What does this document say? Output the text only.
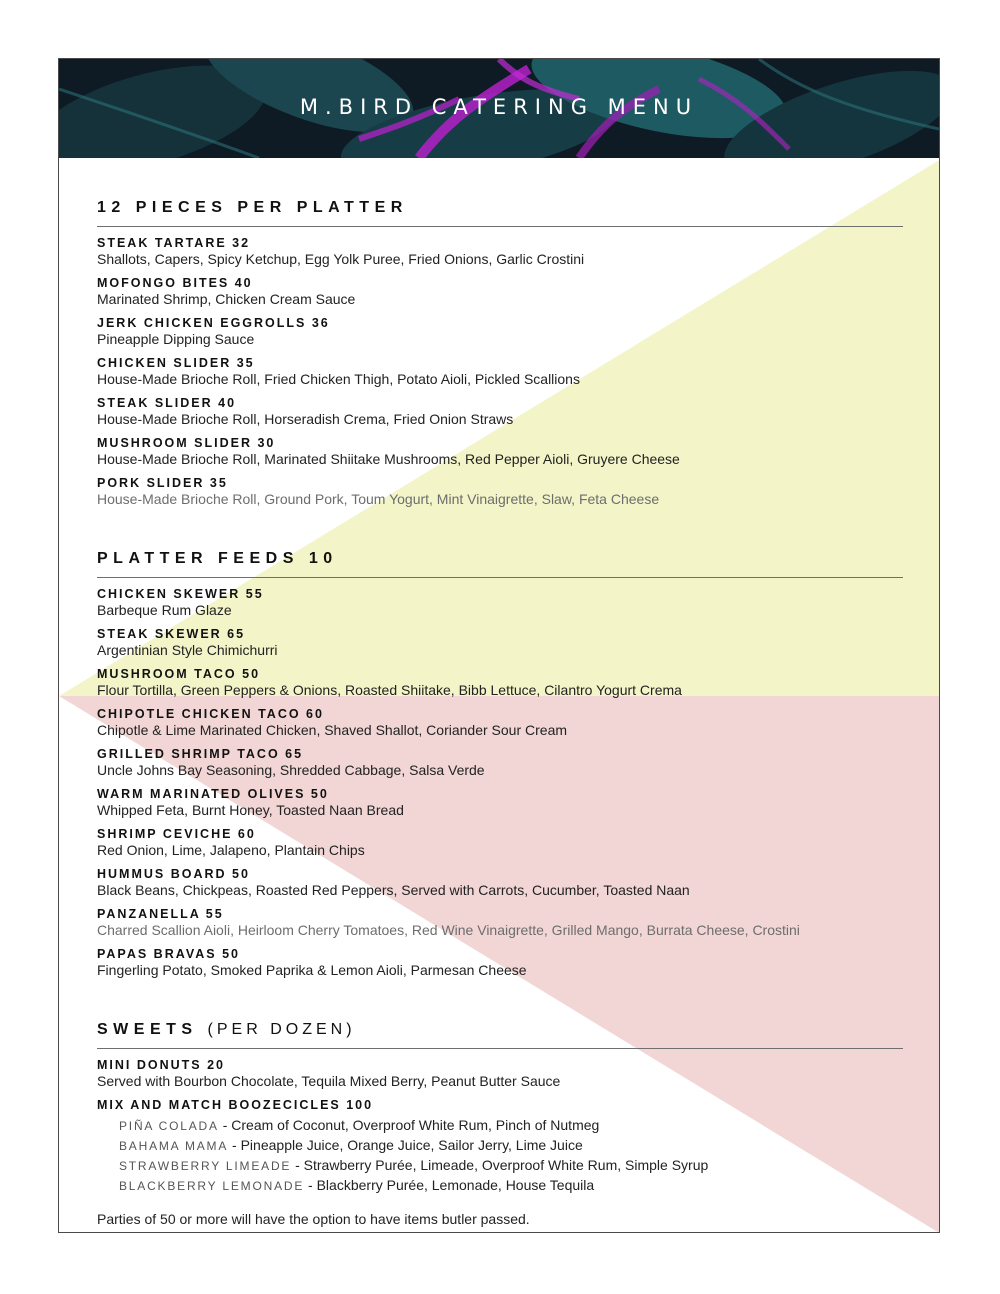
M.BIRD CATERING MENU
12 PIECES PER PLATTER
STEAK TARTARE 32
Shallots, Capers, Spicy Ketchup, Egg Yolk Puree, Fried Onions, Garlic Crostini
MOFONGO BITES 40
Marinated Shrimp, Chicken Cream Sauce
JERK CHICKEN EGGROLLS 36
Pineapple Dipping Sauce
CHICKEN SLIDER 35
House-Made Brioche Roll, Fried Chicken Thigh, Potato Aioli, Pickled Scallions
STEAK SLIDER 40
House-Made Brioche Roll, Horseradish Crema, Fried Onion Straws
MUSHROOM SLIDER 30
House-Made Brioche Roll, Marinated Shiitake Mushrooms, Red Pepper Aioli, Gruyere Cheese
PORK SLIDER 35
House-Made Brioche Roll, Ground Pork, Toum Yogurt, Mint Vinaigrette, Slaw, Feta Cheese
PLATTER FEEDS 10
CHICKEN SKEWER 55
Barbeque Rum Glaze
STEAK SKEWER 65
Argentinian Style Chimichurri
MUSHROOM TACO 50
Flour Tortilla, Green Peppers & Onions, Roasted Shiitake, Bibb Lettuce, Cilantro Yogurt Crema
CHIPOTLE CHICKEN TACO 60
Chipotle & Lime Marinated Chicken, Shaved Shallot, Coriander Sour Cream
GRILLED SHRIMP TACO 65
Uncle Johns Bay Seasoning, Shredded Cabbage, Salsa Verde
WARM MARINATED OLIVES 50
Whipped Feta, Burnt Honey, Toasted Naan Bread
SHRIMP CEVICHE 60
Red Onion, Lime, Jalapeno, Plantain Chips
HUMMUS BOARD 50
Black Beans, Chickpeas, Roasted Red Peppers, Served with Carrots, Cucumber, Toasted Naan
PANZANELLA 55
Charred Scallion Aioli, Heirloom Cherry Tomatoes, Red Wine Vinaigrette, Grilled Mango, Burrata Cheese, Crostini
PAPAS BRAVAS 50
Fingerling Potato, Smoked Paprika & Lemon Aioli, Parmesan Cheese
SWEETS (PER DOZEN)
MINI DONUTS 20
Served with Bourbon Chocolate, Tequila Mixed Berry, Peanut Butter Sauce
MIX AND MATCH BOOZECICLES 100
PIÑA COLADA - Cream of Coconut, Overproof White Rum, Pinch of Nutmeg
BAHAMA MAMA - Pineapple Juice, Orange Juice, Sailor Jerry, Lime Juice
STRAWBERRY LIMEADE - Strawberry Purée, Limeade, Overproof White Rum, Simple Syrup
BLACKBERRY LEMONADE - Blackberry Purée, Lemonade, House Tequila
Parties of 50 or more will have the option to have items butler passed.
